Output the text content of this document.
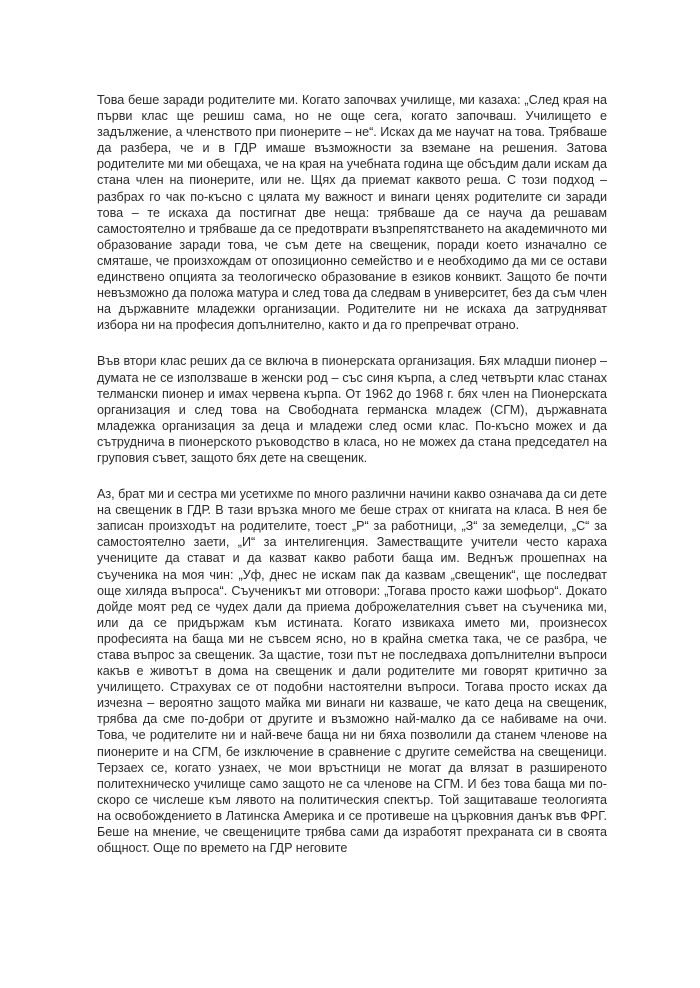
Това беше заради родителите ми. Когато започвах училище, ми казаха: „След края на първи клас ще решиш сама, но не още сега, когато започваш. Училището е задължение, а членството при пионерите – не“. Исках да ме научат на това. Трябваше да разбера, че и в ГДР имаше възможности за вземане на решения. Затова родителите ми ми обещаха, че на края на учебната година ще обсъдим дали искам да стана член на пионерите, или не. Щях да приемат каквото реша. С този подход – разбрах го чак по-късно с цялата му важност и винаги ценях родителите си заради това – те искаха да постигнат две неща: трябваше да се науча да решавам самостоятелно и трябваше да се предотврати възпрепятстването на академичното ми образование заради това, че съм дете на свещеник, поради което изначално се смяташе, че произхождам от опозиционно семейство и е необходимо да ми се остави единствено опцията за теологическо образование в езиков конвикт. Защото бе почти невъзможно да положа матура и след това да следвам в университет, без да съм член на държавните младежки организации. Родителите ни не искаха да затрудняват избора ни на професия допълнително, както и да го препречват отрано.

Във втори клас реших да се включа в пионерската организация. Бях младши пионер – думата не се използваше в женски род – със синя кърпа, а след четвърти клас станах телмански пионер и имах червена кърпа. От 1962 до 1968 г. бях член на Пионерската организация и след това на Свободната германска младеж (СГМ), държавната младежка организация за деца и младежи след осми клас. По-късно можех и да сътруднича в пионерското ръководство в класа, но не можех да стана председател на груповия съвет, защото бях дете на свещеник.

Аз, брат ми и сестра ми усетихме по много различни начини какво означава да си дете на свещеник в ГДР. В тази връзка много ме беше страх от книгата на класа. В нея бе записан произходът на родителите, тоест „Р“ за работници, „З“ за земеделци, „С“ за самостоятелно заети, „И“ за интелигенция. Заместващите учители често караха учениците да стават и да казват какво работи баща им. Веднъж прошепнах на съученика на моя чин: „Уф, днес не искам пак да казвам „свещеник“, ще последват още хиляда въпроса“. Съученикът ми отговори: „Тогава просто кажи шофьор“. Докато дойде моят ред се чудех дали да приема доброжелателния съвет на съученика ми, или да се придържам към истината. Когато извикаха името ми, произнесох професията на баща ми не съвсем ясно, но в крайна сметка така, че се разбра, че става въпрос за свещеник. За щастие, този път не последваха допълнителни въпроси какъв е животът в дома на свещеник и дали родителите ми говорят критично за училището. Страхувах се от подобни настоятелни въпроси. Тогава просто исках да изчезна – вероятно защото майка ми винаги ни казваше, че като деца на свещеник, трябва да сме по-добри от другите и възможно най-малко да се набиваме на очи. Това, че родителите ни и най-вече баща ни ни бяха позволили да станем членове на пионерите и на СГМ, бе изключение в сравнение с другите семейства на свещеници. Терзаех се, когато узнаех, че мои връстници не могат да влязат в разширеното политехническо училище само защото не са членове на СГМ. И без това баща ми по-скоро се числеше към лявото на политическия спектър. Той защитаваше теологията на освобождението в Латинска Америка и се противеше на църковния данък във ФРГ. Беше на мнение, че свещениците трябва сами да изработят прехраната си в своята общност. Още по времето на ГДР неговите
